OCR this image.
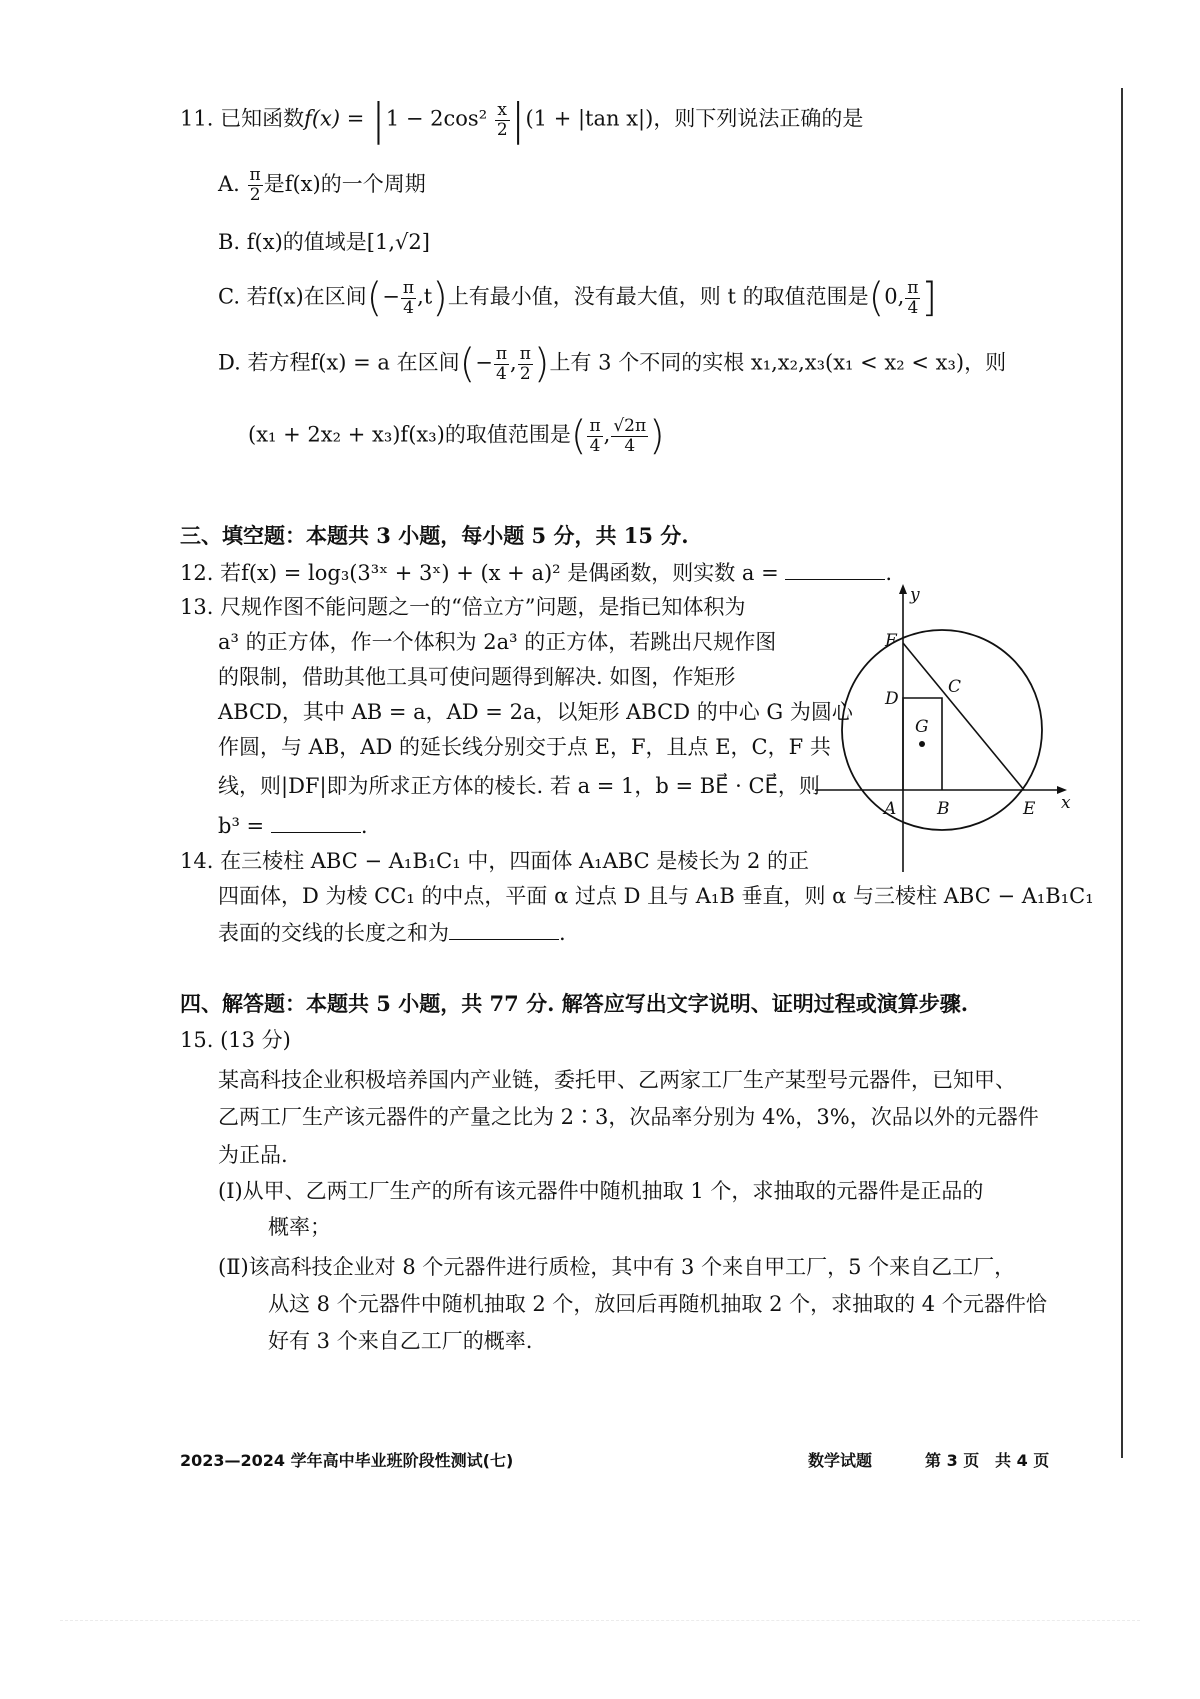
11. 已知函数$f(x) = |1 - 2\cos^2 \frac{x}{2} |(1 + |\tan$ x|)，则下列说法正确的是
A. $\frac{\pi}{2}$ 是f(x)的一个周期
B. f(x)的值域是[1,√2]
C. 若f(x)在区间(− $\frac{\pi}{4} ,t$)上有最小值，没有最大值，则 t 的取值范围是(0, $\frac{\pi}{4}$ ]
D. 若方程f(x) = a 在区间(− $\frac{\pi}{4}$ , $\frac{\pi}{2}$ )上有 3 个不同的实根 x₁,x₂,x₃(x₁ < x₂ < x₃)，则
(x₁ + 2x₂ + x₃)f(x₃)的取值范围是( $\frac{\pi}{4}$ , $\frac{√2\pi}{4}$ )
三、填空题：本题共 3 小题，每小题 5 分，共 15 分.
12. 若f(x) = log₃(3³ˣ + 3ˣ) + (x + a)² 是偶函数，则实数 a =	.
13. 尺规作图不能问题之一的“倍立方”问题，是指已知体积为
a³ 的正方体，作一个体积为 2a³ 的正方体，若跳出尺规作图
的限制，借助其他工具可使问题得到解决. 如图，作矩形
ABCD，其中 AB = a，AD = 2a，以矩形 ABCD 的中心 G 为圆心
作圆，与 AB，AD 的延长线分别交于点 E，F，且点 E，C，F 共
线，则|DF|即为所求正方体的棱长. 若 a = 1，b = BE⃗ · CE⃗，则
b³ =	.
y
x
F
D
C
G
A B	E
14. 在三棱柱 ABC − A₁B₁C₁ 中，四面体 A₁ABC 是棱长为 2 的正
四面体，D 为棱 CC₁ 的中点，平面 α 过点 D 且与 A₁B 垂直，则 α 与三棱柱 ABC − A₁B₁C₁
表面的交线的长度之和为	.
四、解答题：本题共 5 小题，共 77 分. 解答应写出文字说明、证明过程或演算步骤.
15. (13 分)
某高科技企业积极培养国内产业链，委托甲、乙两家工厂生产某型号元器件，已知甲、
乙两工厂生产该元器件的产量之比为 2∶3，次品率分别为 4%，3%，次品以外的元器件
为正品.
(Ⅰ)从甲、乙两工厂生产的所有该元器件中随机抽取 1 个，求抽取的元器件是正品的
概率；
(Ⅱ)该高科技企业对 8 个元器件进行质检，其中有 3 个来自甲工厂，5 个来自乙工厂，
从这 8 个元器件中随机抽取 2 个，放回后再随机抽取 2 个，求抽取的 4 个元器件恰
好有 3 个来自乙工厂的概率.
2023—2024 学年高中毕业班阶段性测试(七)	数学试题	第 3 页 共 4 页
